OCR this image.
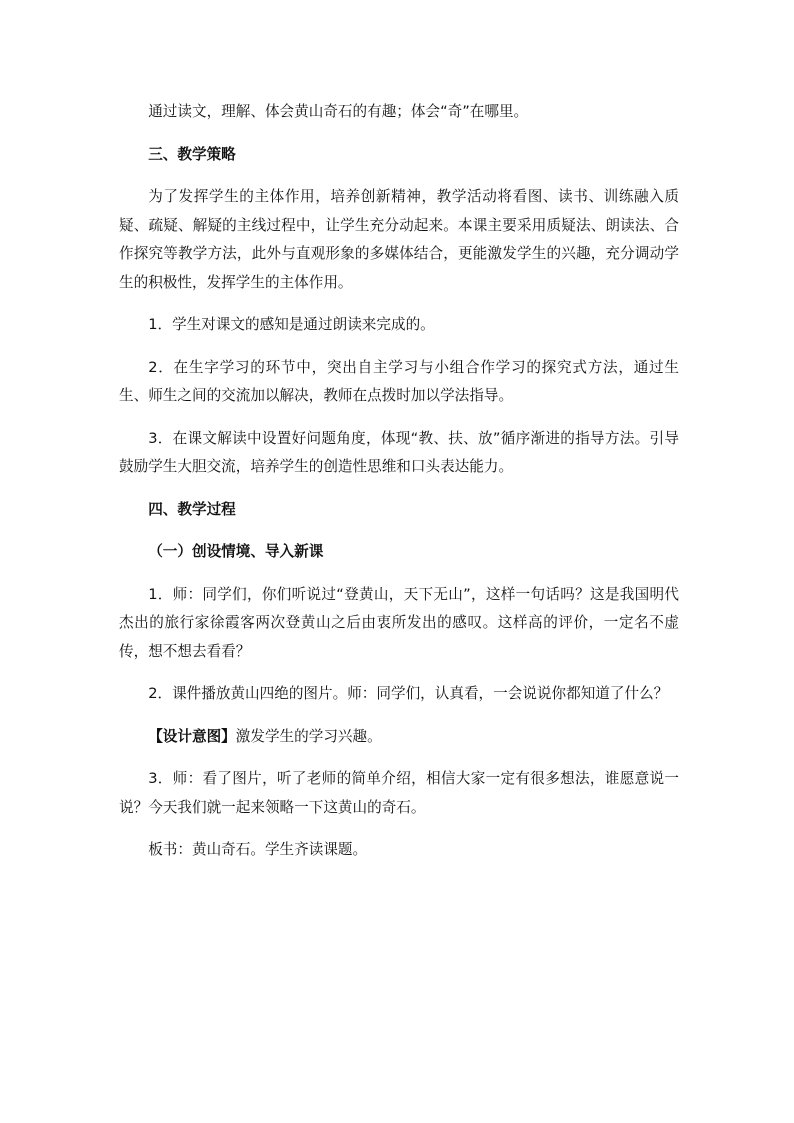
通过读文，理解、体会黄山奇石的有趣；体会“奇”在哪里。

三、教学策略

为了发挥学生的主体作用，培养创新精神，教学活动将看图、读书、训练融入质疑、疏疑、解疑的主线过程中，让学生充分动起来。本课主要采用质疑法、朗读法、合作探究等教学方法，此外与直观形象的多媒体结合，更能激发学生的兴趣，充分调动学生的积极性，发挥学生的主体作用。

1．学生对课文的感知是通过朗读来完成的。

2．在生字学习的环节中，突出自主学习与小组合作学习的探究式方法，通过生生、师生之间的交流加以解决，教师在点拨时加以学法指导。

3．在课文解读中设置好问题角度，体现“教、扶、放”循序渐进的指导方法。引导鼓励学生大胆交流，培养学生的创造性思维和口头表达能力。

四、教学过程

（一）创设情境、导入新课

1．师：同学们，你们听说过“登黄山，天下无山”，这样一句话吗？这是我国明代杰出的旅行家徐霞客两次登黄山之后由衷所发出的感叹。这样高的评价，一定名不虚传，想不想去看看？

2．课件播放黄山四绝的图片。师：同学们，认真看，一会说说你都知道了什么？

【设计意图】激发学生的学习兴趣。

3．师：看了图片，听了老师的简单介绍，相信大家一定有很多想法，谁愿意说一说？今天我们就一起来领略一下这黄山的奇石。

板书：黄山奇石。学生齐读课题。
